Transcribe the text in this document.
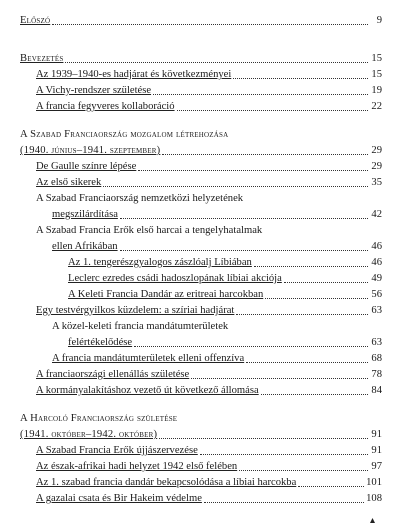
Előszó	9
Bevezetés	15
Az 1939–1940-es hadjárat és következményei	15
A Vichy-rendszer születése	19
A francia fegyveres kollaboráció	22
A Szabad Franciaország mozgalom létrehozása
(1940. június–1941. szeptember)	29
De Gaulle színre lépése	29
Az első sikerek	35
A Szabad Franciaország nemzetközi helyzetének
megszilárdítása	42
A Szabad Francia Erők első harcai a tengelyhatalmak
ellen Afrikában	46
Az 1. tengerészgyalogos zászlóalj Líbiában	46
Leclerc ezredes csádi hadoszlopának líbiai akciója	49
A Keleti Francia Dandár az eritreai harcokban	56
Egy testvérgyilkos küzdelem: a szíriai hadjárat	63
A közel-keleti francia mandátumterületek
felértékelődése	63
A francia mandátumterületek elleni offenzíva	68
A franciaországi ellenállás születése	78
A kormányalakításhoz vezető út következő állomása	84
A Harcoló Franciaország születése
(1941. október–1942. október)	91
A Szabad Francia Erők újjászervezése	91
Az észak-afrikai hadi helyzet 1942 első felében	97
Az 1. szabad francia dandár bekapcsolódása a líbiai harcokba	101
A gazalai csata és Bir Hakeim védelme	108
